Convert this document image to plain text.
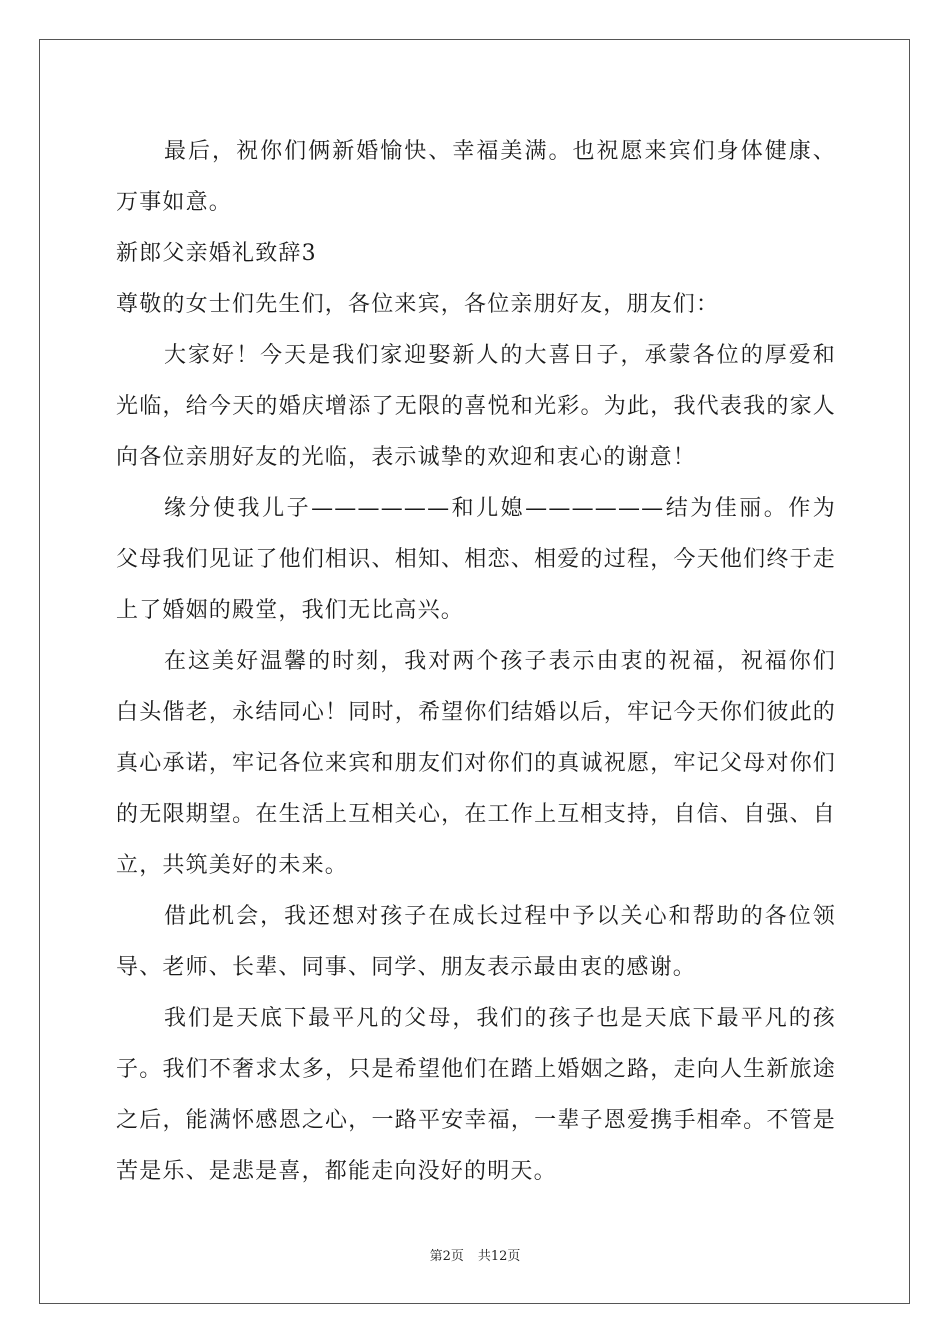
最后，祝你们俩新婚愉快、幸福美满。也祝愿来宾们身体健康、万事如意。

新郎父亲婚礼致辞3
尊敬的女士们先生们，各位来宾，各位亲朋好友，朋友们：

大家好！今天是我们家迎娶新人的大喜日子，承蒙各位的厚爱和光临，给今天的婚庆增添了无限的喜悦和光彩。为此，我代表我的家人向各位亲朋好友的光临，表示诚挚的欢迎和衷心的谢意！

缘分使我儿子——————和儿媳——————结为佳丽。作为父母我们见证了他们相识、相知、相恋、相爱的过程，今天他们终于走上了婚姻的殿堂，我们无比高兴。

在这美好温馨的时刻，我对两个孩子表示由衷的祝福，祝福你们白头偕老，永结同心！同时，希望你们结婚以后，牢记今天你们彼此的真心承诺，牢记各位来宾和朋友们对你们的真诚祝愿，牢记父母对你们的无限期望。在生活上互相关心，在工作上互相支持，自信、自强、自立，共筑美好的未来。

借此机会，我还想对孩子在成长过程中予以关心和帮助的各位领导、老师、长辈、同事、同学、朋友表示最由衷的感谢。

我们是天底下最平凡的父母，我们的孩子也是天底下最平凡的孩子。我们不奢求太多，只是希望他们在踏上婚姻之路，走向人生新旅途之后，能满怀感恩之心，一路平安幸福，一辈子恩爱携手相牵。不管是苦是乐、是悲是喜，都能走向没好的明天。

第2页 共12页
